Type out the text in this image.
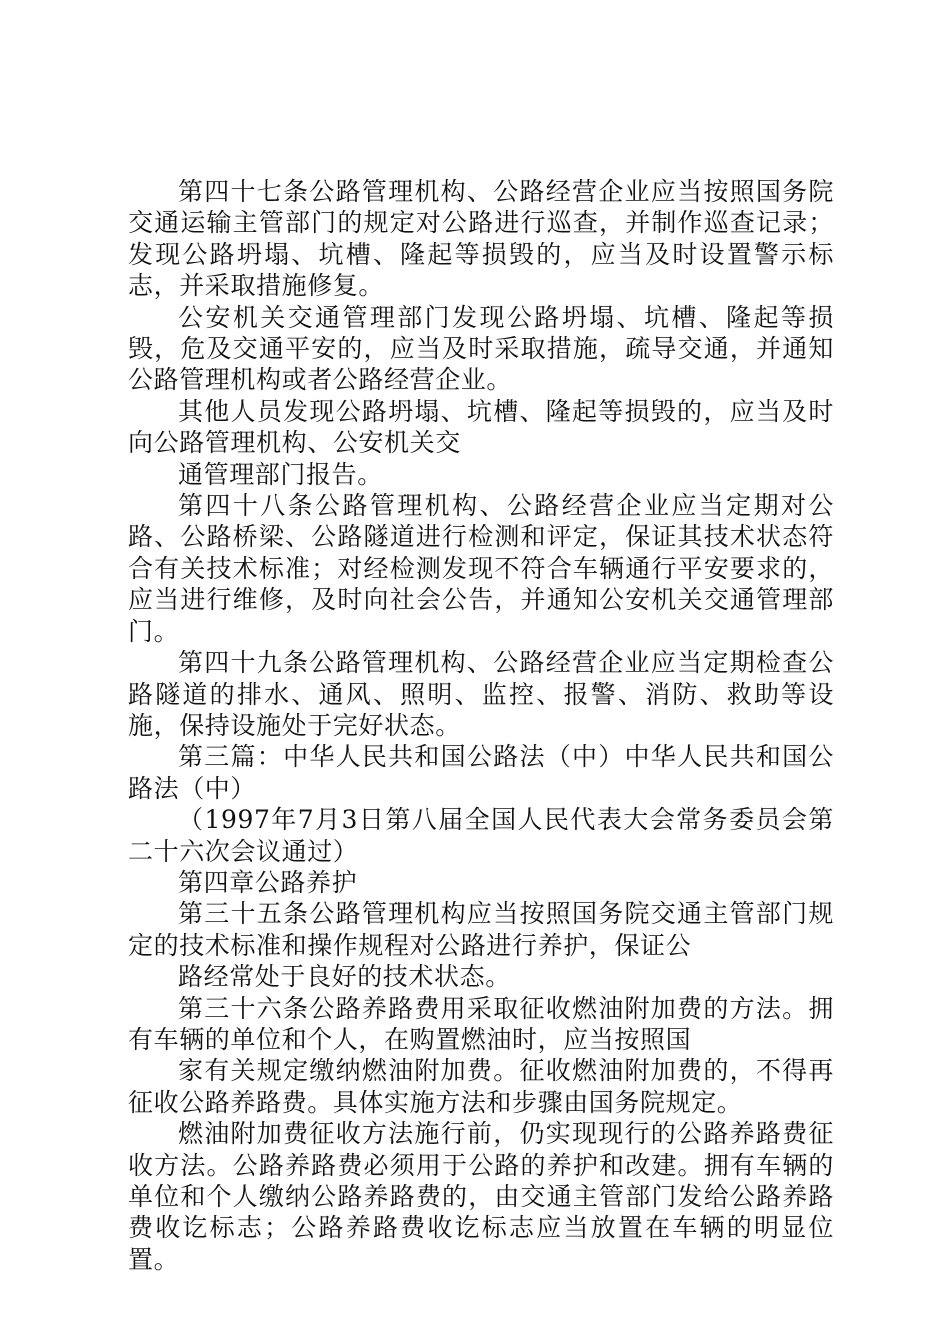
第四十七条公路管理机构、公路经营企业应当按照国务院交通运输主管部门的规定对公路进行巡查，并制作巡查记录；发现公路坍塌、坑槽、隆起等损毁的，应当及时设置警示标志，并采取措施修复。

公安机关交通管理部门发现公路坍塌、坑槽、隆起等损毁，危及交通平安的，应当及时采取措施，疏导交通，并通知公路管理机构或者公路经营企业。

其他人员发现公路坍塌、坑槽、隆起等损毁的，应当及时向公路管理机构、公安机关交

通管理部门报告。

第四十八条公路管理机构、公路经营企业应当定期对公路、公路桥梁、公路隧道进行检测和评定，保证其技术状态符合有关技术标准；对经检测发现不符合车辆通行平安要求的，应当进行维修，及时向社会公告，并通知公安机关交通管理部门。

第四十九条公路管理机构、公路经营企业应当定期检查公路隧道的排水、通风、照明、监控、报警、消防、救助等设施，保持设施处于完好状态。

第三篇：中华人民共和国公路法（中）中华人民共和国公路法（中）

（1997年7月3日第八届全国人民代表大会常务委员会第二十六次会议通过）

第四章公路养护

第三十五条公路管理机构应当按照国务院交通主管部门规定的技术标准和操作规程对公路进行养护，保证公

路经常处于良好的技术状态。

第三十六条公路养路费用采取征收燃油附加费的方法。拥有车辆的单位和个人，在购置燃油时，应当按照国

家有关规定缴纳燃油附加费。征收燃油附加费的，不得再征收公路养路费。具体实施方法和步骤由国务院规定。

燃油附加费征收方法施行前，仍实现现行的公路养路费征收方法。公路养路费必须用于公路的养护和改建。拥有车辆的单位和个人缴纳公路养路费的，由交通主管部门发给公路养路费收讫标志；公路养路费收讫标志应当放置在车辆的明显位置。
